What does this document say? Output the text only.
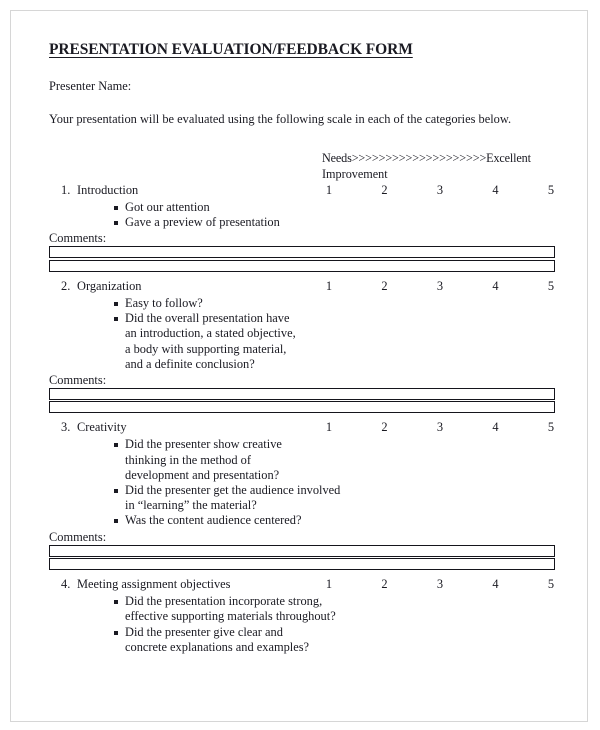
PRESENTATION EVALUATION/FEEDBACK FORM
Presenter Name:
Your presentation will be evaluated using the following scale in each of the categories below.
Needs>>>>>>>>>>>>>>>>>>>>Excellent
Improvement
1. Introduction	1	2	3	4	5
Got our attention
Gave a preview of presentation
Comments:
2. Organization	1	2	3	4	5
Easy to follow?
Did the overall presentation have
an introduction, a stated objective,
a body with supporting material,
and a definite conclusion?
Comments:
3. Creativity	1	2	3	4	5
Did the presenter show creative
thinking in the method of
development and presentation?
Did the presenter get the audience involved
in “learning” the material?
Was the content audience centered?
Comments:
4. Meeting assignment objectives	1	2	3	4	5
Did the presentation incorporate strong,
effective supporting materials throughout?
Did the presenter give clear and
concrete explanations and examples?
